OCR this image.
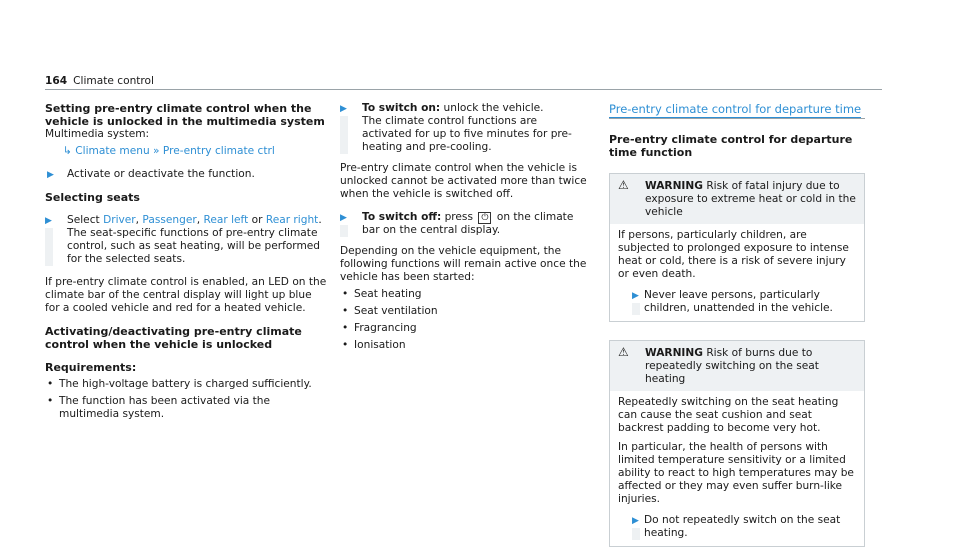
164 Climate control
Setting pre-entry climate control when the vehicle is unlocked in the multimedia system

Multimedia system:

↳ Climate menu » Pre-entry climate ctrl
▶ Activate or deactivate the function.
Selecting seats
▶ Select Driver, Passenger, Rear left or Rear right.

The seat-specific functions of pre-entry climate control, such as seat heating, will be performed for the selected seats.

If pre-entry climate control is enabled, an LED on the climate bar of the central display will light up blue for a cooled vehicle and red for a heated vehicle.

Activating/deactivating pre-entry climate control when the vehicle is unlocked
Requirements:
• The high-voltage battery is charged sufficiently.
• The function has been activated via the multimedia system.
▶ To switch on: unlock the vehicle.

The climate control functions are activated for up to five minutes for pre-heating and pre-cooling.

Pre-entry climate control when the vehicle is unlocked cannot be activated more than twice when the vehicle is switched off.

▶ To switch off: press ⏻ on the climate bar on the central display.

Depending on the vehicle equipment, the following functions will remain active once the vehicle has been started:

• Seat heating
• Seat ventilation
• Fragrancing
• Ionisation
Pre-entry climate control for departure time
Pre-entry climate control for departure time function
⚠	WARNING Risk of fatal injury due to exposure to extreme heat or cold in the vehicle

If persons, particularly children, are subjected to prolonged exposure to intense heat or cold, there is a risk of severe injury or even death.

▶ Never leave persons, particularly children, unattended in the vehicle.
⚠	WARNING Risk of burns due to repeatedly switching on the seat heating

Repeatedly switching on the seat heating can cause the seat cushion and seat backrest padding to become very hot.

In particular, the health of persons with limited temperature sensitivity or a limited ability to react to high temperatures may be affected or they may even suffer burn-like injuries.

▶ Do not repeatedly switch on the seat heating.
